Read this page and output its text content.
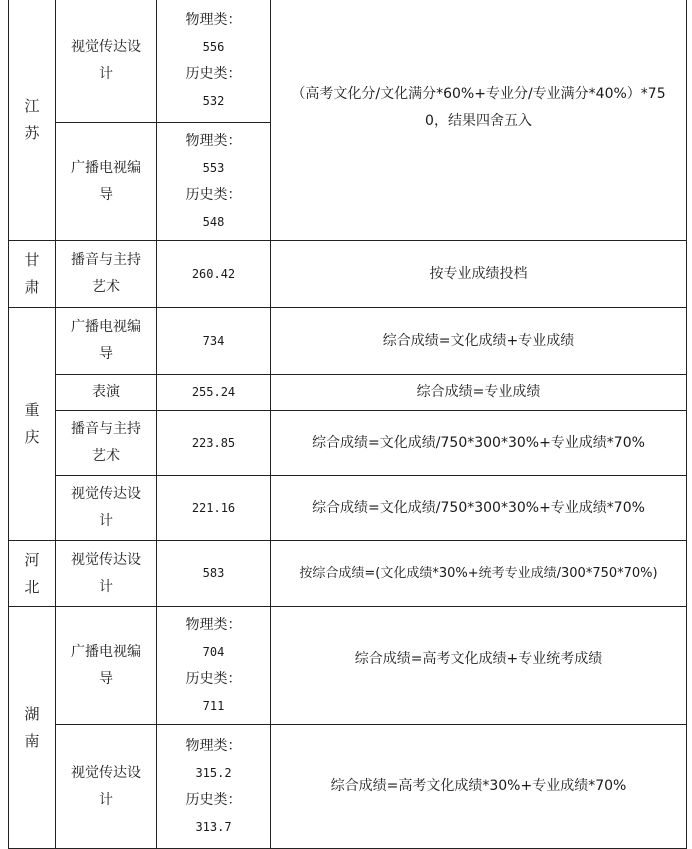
江
苏	视觉传达设
计	物理类：
556
历史类：
532	（高考文化分/文化满分*60%+专业分/专业满分*40%）*75
0，结果四舍五入

	广播电视编
导	物理类：
553
历史类：
548	

甘
肃	播音与主持
艺术	260.42	按专业成绩投档

重
庆	广播电视编
导	734	综合成绩=文化成绩+专业成绩
	表演	255.24	综合成绩=专业成绩

	播音与主持
艺术	223.85	综合成绩=文化成绩/750*300*30%+专业成绩*70%

	视觉传达设
计	221.16	综合成绩=文化成绩/750*300*30%+专业成绩*70%

河
北	视觉传达设
计	583	按综合成绩=(文化成绩*30%+统考专业成绩/300*750*70%)

湖
南	广播电视编
导	物理类：
704
历史类：
711	综合成绩=高考文化成绩+专业统考成绩

	视觉传达设
计	物理类：
315.2
历史类：
313.7	综合成绩=高考文化成绩*30%+专业成绩*70%
